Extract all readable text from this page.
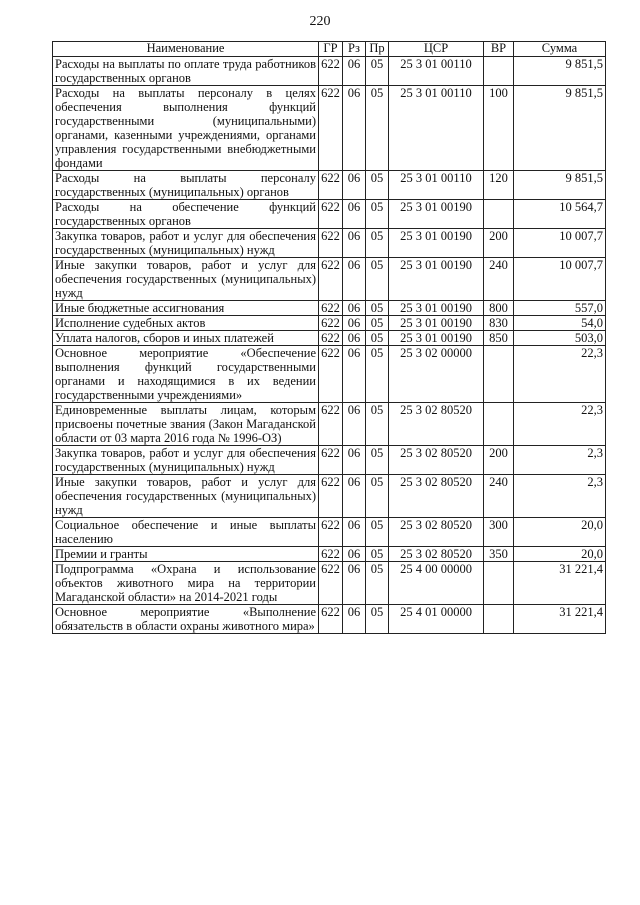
220
Наименование	ГР	Рз	Пр	ЦСР	ВР	Сумма
Расходы на выплаты по оплате труда работников государственных органов	622	06	05	25 3 01 00110		9 851,5
Расходы на выплаты персоналу в целях обеспечения выполнения функций государственными (муниципальными) органами, казенными учреждениями, органами управления государственными внебюджетными фондами	622	06	05	25 3 01 00110	100	9 851,5
Расходы на выплаты персоналу государственных (муниципальных) органов	622	06	05	25 3 01 00110	120	9 851,5
Расходы на обеспечение функций государственных органов	622	06	05	25 3 01 00190		10 564,7
Закупка товаров, работ и услуг для обеспечения государственных (муниципальных) нужд	622	06	05	25 3 01 00190	200	10 007,7
Иные закупки товаров, работ и услуг для обеспечения государственных (муниципальных) нужд	622	06	05	25 3 01 00190	240	10 007,7
Иные бюджетные ассигнования	622	06	05	25 3 01 00190	800	557,0
Исполнение судебных актов	622	06	05	25 3 01 00190	830	54,0
Уплата налогов, сборов и иных платежей	622	06	05	25 3 01 00190	850	503,0
Основное мероприятие «Обеспечение выполнения функций государственными органами и находящимися в их ведении государственными учреждениями»	622	06	05	25 3 02 00000		22,3
Единовременные выплаты лицам, которым присвоены почетные звания (Закон Магаданской области от 03 марта 2016 года № 1996-ОЗ)	622	06	05	25 3 02 80520		22,3
Закупка товаров, работ и услуг для обеспечения государственных (муниципальных) нужд	622	06	05	25 3 02 80520	200	2,3
Иные закупки товаров, работ и услуг для обеспечения государственных (муниципальных) нужд	622	06	05	25 3 02 80520	240	2,3
Социальное обеспечение и иные выплаты населению	622	06	05	25 3 02 80520	300	20,0
Премии и гранты	622	06	05	25 3 02 80520	350	20,0
Подпрограмма «Охрана и использование объектов животного мира на территории Магаданской области» на 2014-2021 годы	622	06	05	25 4 00 00000		31 221,4
Основное мероприятие «Выполнение обязательств в области охраны животного мира»	622	06	05	25 4 01 00000		31 221,4
